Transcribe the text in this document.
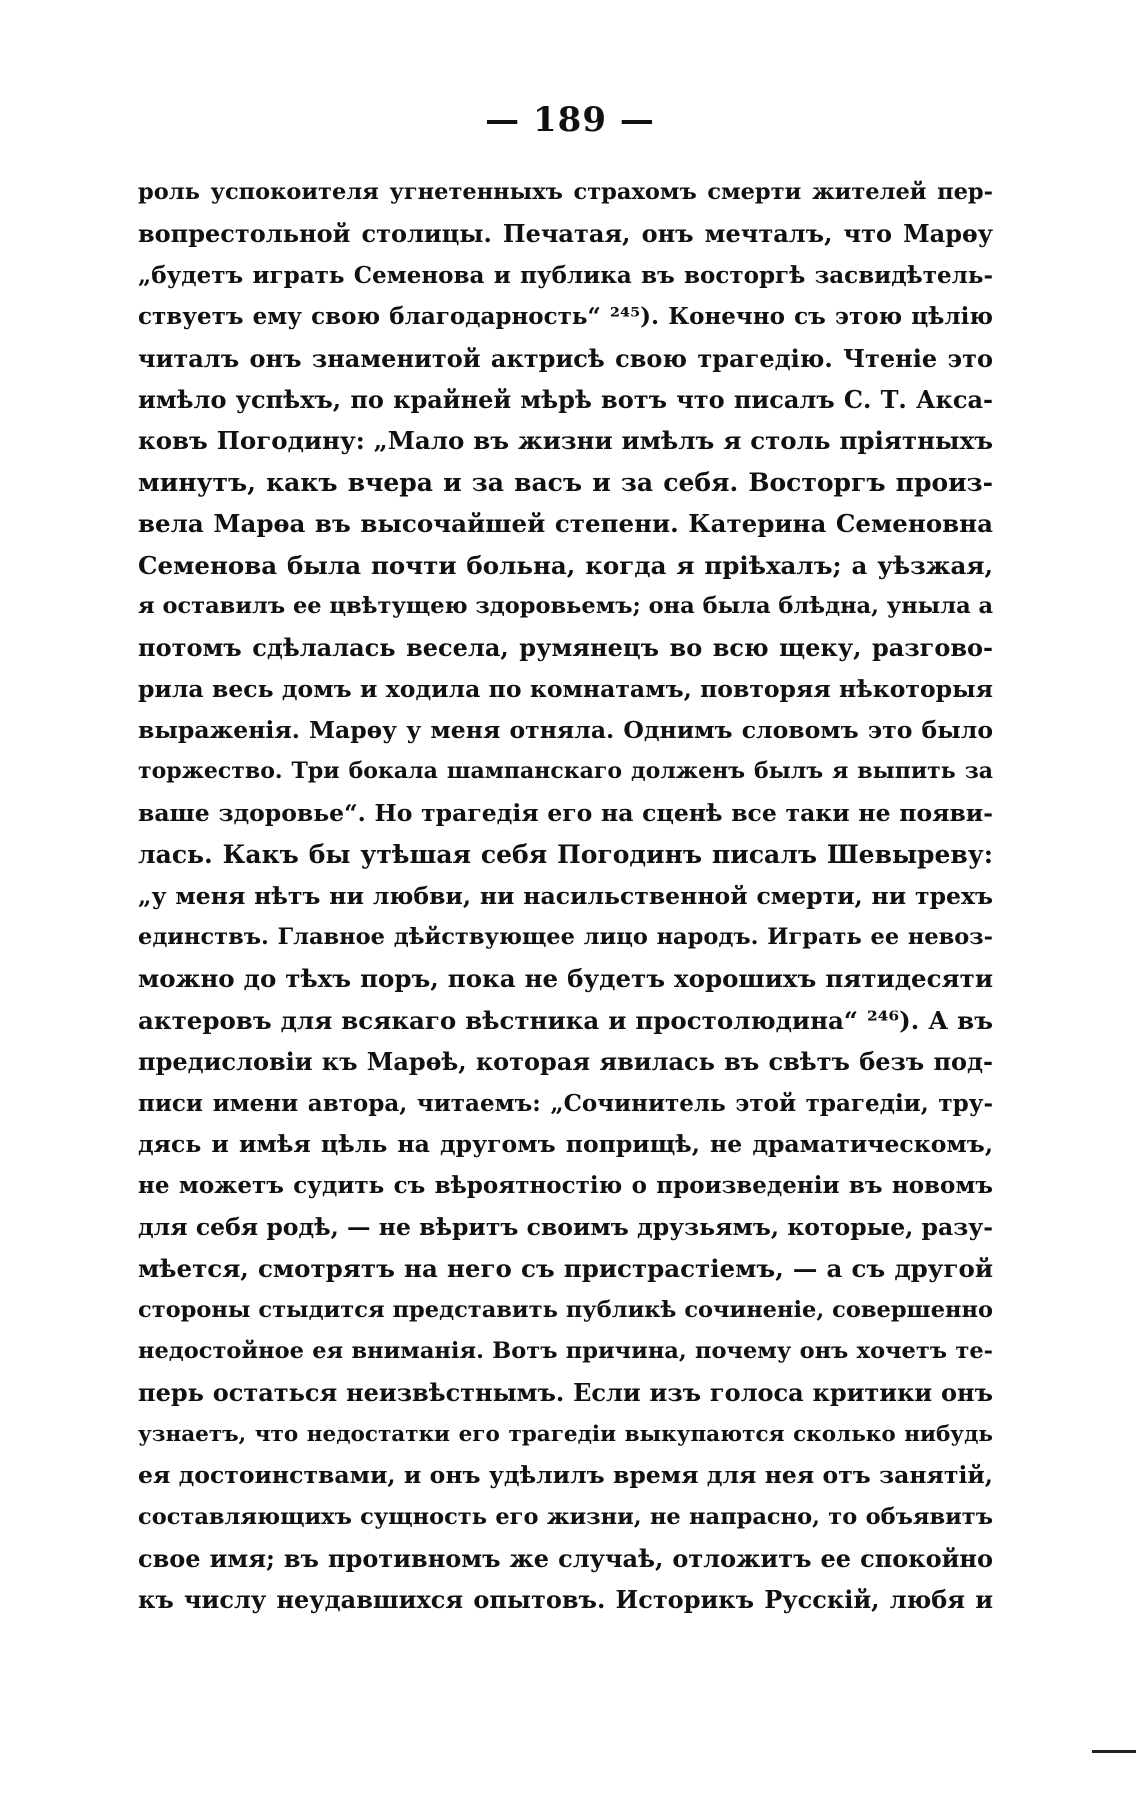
— 189 —
роль успокоителя угнетенныхъ страхомъ смерти жителей пер-
вопрестольной столицы. Печатая, онъ мечталъ, что Марѳу
„будетъ играть Семенова и публика въ восторгѣ засвидѣтель-
ствуетъ ему свою благодарность“ ²⁴⁵). Конечно съ этою цѣлію
читалъ онъ знаменитой актрисѣ свою трагедію. Чтеніе это
имѣло успѣхъ, по крайней мѣрѣ вотъ что писалъ С. Т. Акса-
ковъ Погодину: „Мало въ жизни имѣлъ я столь пріятныхъ
минутъ, какъ вчера и за васъ и за себя. Восторгъ произ-
вела Марѳа въ высочайшей степени. Катерина Семеновна
Семенова была почти больна, когда я пріѣхалъ; а уѣзжая,
я оставилъ ее цвѣтущею здоровьемъ; она была блѣдна, уныла а
потомъ сдѣлалась весела, румянецъ во всю щеку, разгово-
рила весь домъ и ходила по комнатамъ, повторяя нѣкоторыя
выраженія. Марѳу у меня отняла. Однимъ словомъ это было
торжество. Три бокала шампанскаго долженъ былъ я выпить за
ваше здоровье“. Но трагедія его на сценѣ все таки не появи-
лась. Какъ бы утѣшая себя Погодинъ писалъ Шевыреву:
„у меня нѣтъ ни любви, ни насильственной смерти, ни трехъ
единствъ. Главное дѣйствующее лицо народъ. Играть ее невоз-
можно до тѣхъ поръ, пока не будетъ хорошихъ пятидесяти
актеровъ для всякаго вѣстника и простолюдина“ ²⁴⁶). А въ
предисловіи къ Марѳѣ, которая явилась въ свѣтъ безъ под-
писи имени автора, читаемъ: „Сочинитель этой трагедіи, тру-
дясь и имѣя цѣль на другомъ поприщѣ, не драматическомъ,
не можетъ судить съ вѣроятностію о произведеніи въ новомъ
для себя родѣ, — не вѣритъ своимъ друзьямъ, которые, разу-
мѣется, смотрятъ на него съ пристрастіемъ, — а съ другой
стороны стыдится представить публикѣ сочиненіе, совершенно
недостойное ея вниманія. Вотъ причина, почему онъ хочетъ те-
перь остаться неизвѣстнымъ. Если изъ голоса критики онъ
узнаетъ, что недостатки его трагедіи выкупаются сколько нибудь
ея достоинствами, и онъ удѣлилъ время для нея отъ занятій,
составляющихъ сущность его жизни, не напрасно, то объявитъ
свое имя; въ противномъ же случаѣ, отложитъ ее спокойно
къ числу неудавшихся опытовъ. Историкъ Русскій, любя и
